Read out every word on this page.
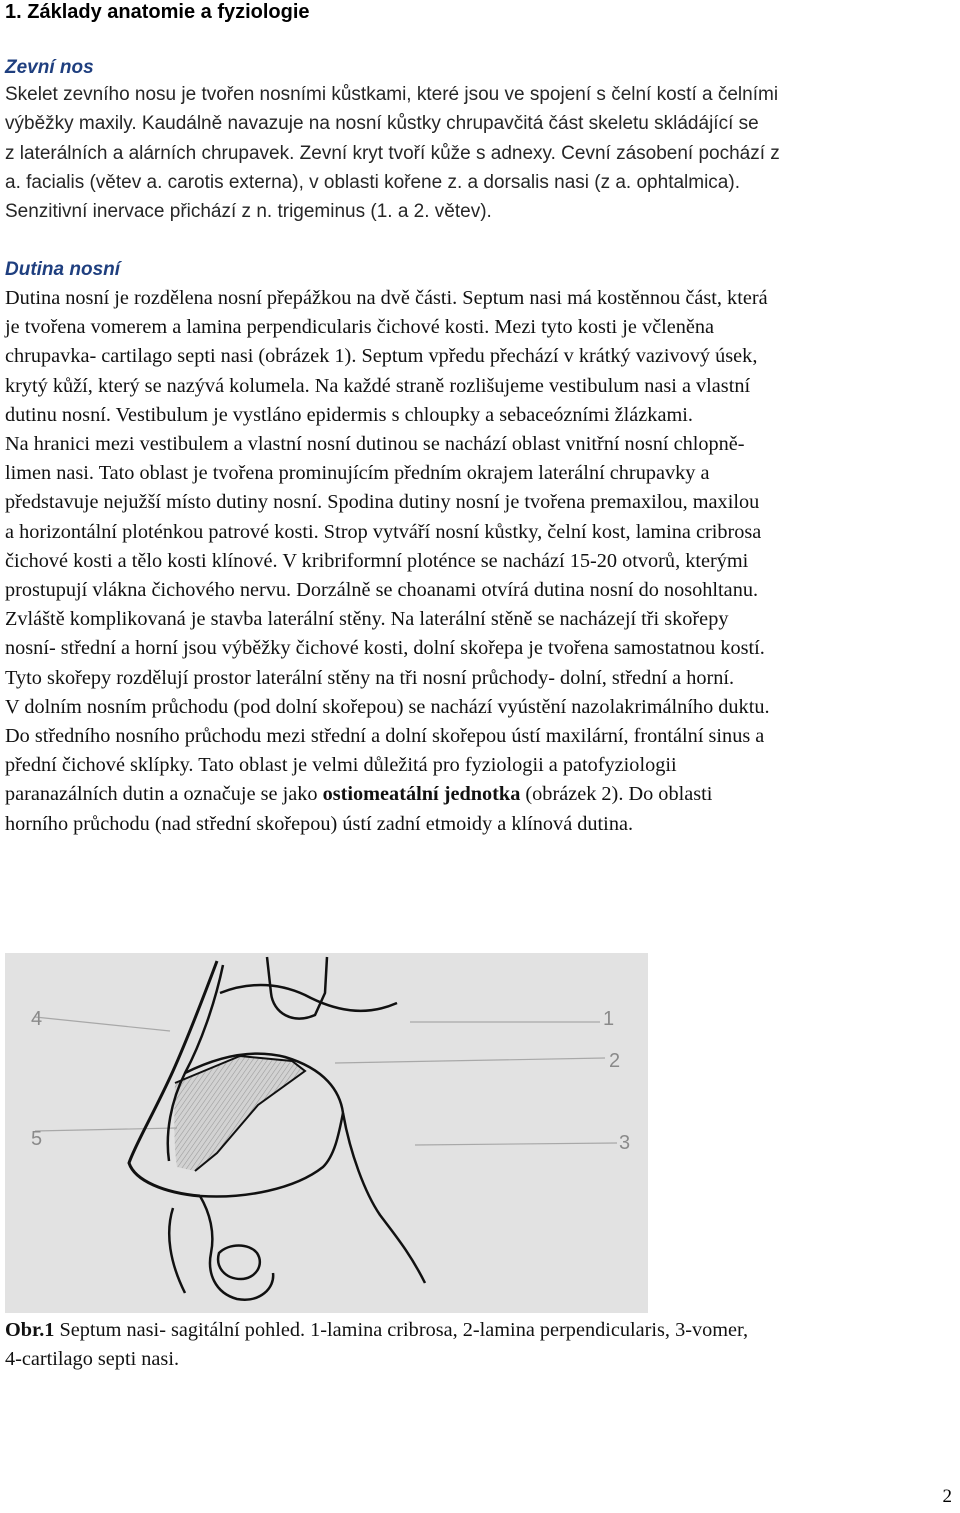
1. Základy anatomie a fyziologie
Zevní nos
Skelet zevního nosu je tvořen nosními kůstkami, které jsou ve spojení s čelní kostí a čelními
výběžky maxily. Kaudálně navazuje na nosní kůstky chrupavčitá část skeletu skládájící se
z laterálních a alárních chrupavek. Zevní kryt tvoří kůže s adnexy. Cevní zásobení pochází z
a. facialis (větev a. carotis externa), v oblasti kořene z. a dorsalis nasi (z a. ophtalmica).
Senzitivní inervace přichází z n. trigeminus (1. a 2. větev).
Dutina nosní
Dutina nosní je rozdělena nosní přepážkou na dvě části. Septum nasi má kostěnnou část, která
je tvořena vomerem a lamina perpendicularis čichové kosti. Mezi tyto kosti je včleněna
chrupavka- cartilago septi nasi (obrázek 1). Septum vpředu přechází v krátký vazivový úsek,
krytý kůží, který se nazývá kolumela. Na každé straně rozlišujeme vestibulum nasi a vlastní
dutinu nosní. Vestibulum je vystláno epidermis s chloupky a sebaceózními žlázkami.
Na hranici mezi vestibulem a vlastní nosní dutinou se nachází oblast vnitřní nosní chlopně-
limen nasi. Tato oblast je tvořena prominujícím předním okrajem laterální chrupavky a
představuje nejužší místo dutiny nosní. Spodina dutiny nosní je tvořena premaxilou, maxilou
a horizontální ploténkou patrové kosti. Strop vytváří nosní kůstky, čelní kost, lamina cribrosa
čichové kosti a tělo kosti klínové. V kribriformní ploténce se nachází 15-20 otvorů, kterými
prostupují vlákna čichového nervu. Dorzálně se choanami otvírá dutina nosní do nosohltanu.
Zvláště komplikovaná je stavba laterální stěny. Na laterální stěně se nacházejí tři skořepy
nosní- střední a horní jsou výběžky čichové kosti, dolní skořepa je tvořena samostatnou kostí.
Tyto skořepy rozdělují prostor laterální stěny na tři nosní průchody- dolní, střední a horní.
V dolním nosním průchodu (pod dolní skořepou) se nachází vyústění nazolakrimálního duktu.
Do středního nosního průchodu mezi střední a dolní skořepou ústí maxilární, frontální sinus a
přední čichové sklípky. Tato oblast je velmi důležitá pro fyziologii a patofyziologii
paranazálních dutin a označuje se jako ostiomeatální jednotka (obrázek 2). Do oblasti
horního průchodu (nad střední skořepou) ústí zadní etmoidy a klínová dutina.
4
5
1
2
3

Obr.1 Septum nasi- sagitální pohled. 1-lamina cribrosa, 2-lamina perpendicularis, 3-vomer,
4-cartilago septi nasi.

2
